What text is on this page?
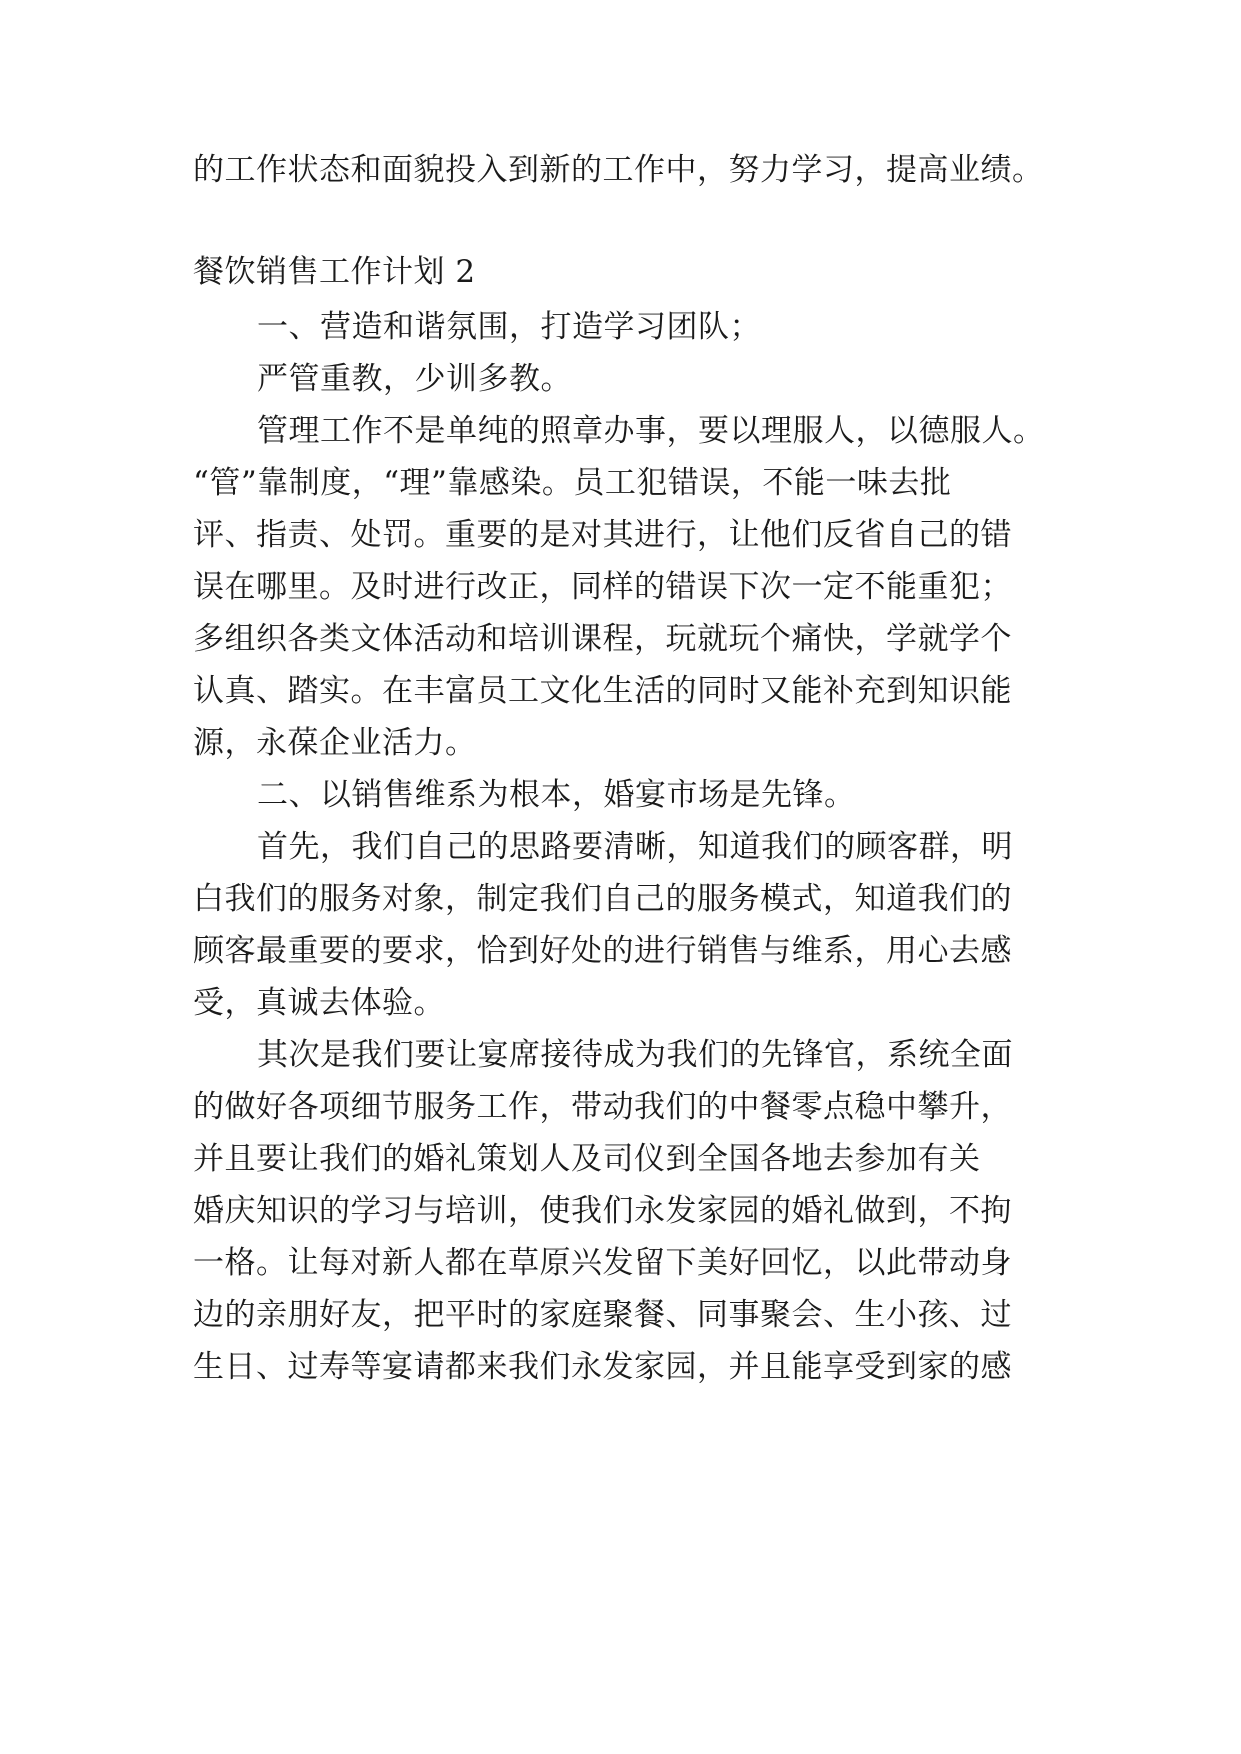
的工作状态和面貌投入到新的工作中，努力学习，提高业绩。
餐饮销售工作计划 2
一、营造和谐氛围，打造学习团队；
严管重教，少训多教。
管理工作不是单纯的照章办事，要以理服人，以德服人。
“管”靠制度，“理”靠感染。员工犯错误，不能一味去批
评、指责、处罚。重要的是对其进行，让他们反省自己的错
误在哪里。及时进行改正，同样的错误下次一定不能重犯；
多组织各类文体活动和培训课程，玩就玩个痛快，学就学个
认真、踏实。在丰富员工文化生活的同时又能补充到知识能
源，永葆企业活力。
二、以销售维系为根本，婚宴市场是先锋。
首先，我们自己的思路要清晰，知道我们的顾客群，明
白我们的服务对象，制定我们自己的服务模式，知道我们的
顾客最重要的要求，恰到好处的进行销售与维系，用心去感
受，真诚去体验。
其次是我们要让宴席接待成为我们的先锋官，系统全面
的做好各项细节服务工作，带动我们的中餐零点稳中攀升，
并且要让我们的婚礼策划人及司仪到全国各地去参加有关
婚庆知识的学习与培训，使我们永发家园的婚礼做到，不拘
一格。让每对新人都在草原兴发留下美好回忆，以此带动身
边的亲朋好友，把平时的家庭聚餐、同事聚会、生小孩、过
生日、过寿等宴请都来我们永发家园，并且能享受到家的感
